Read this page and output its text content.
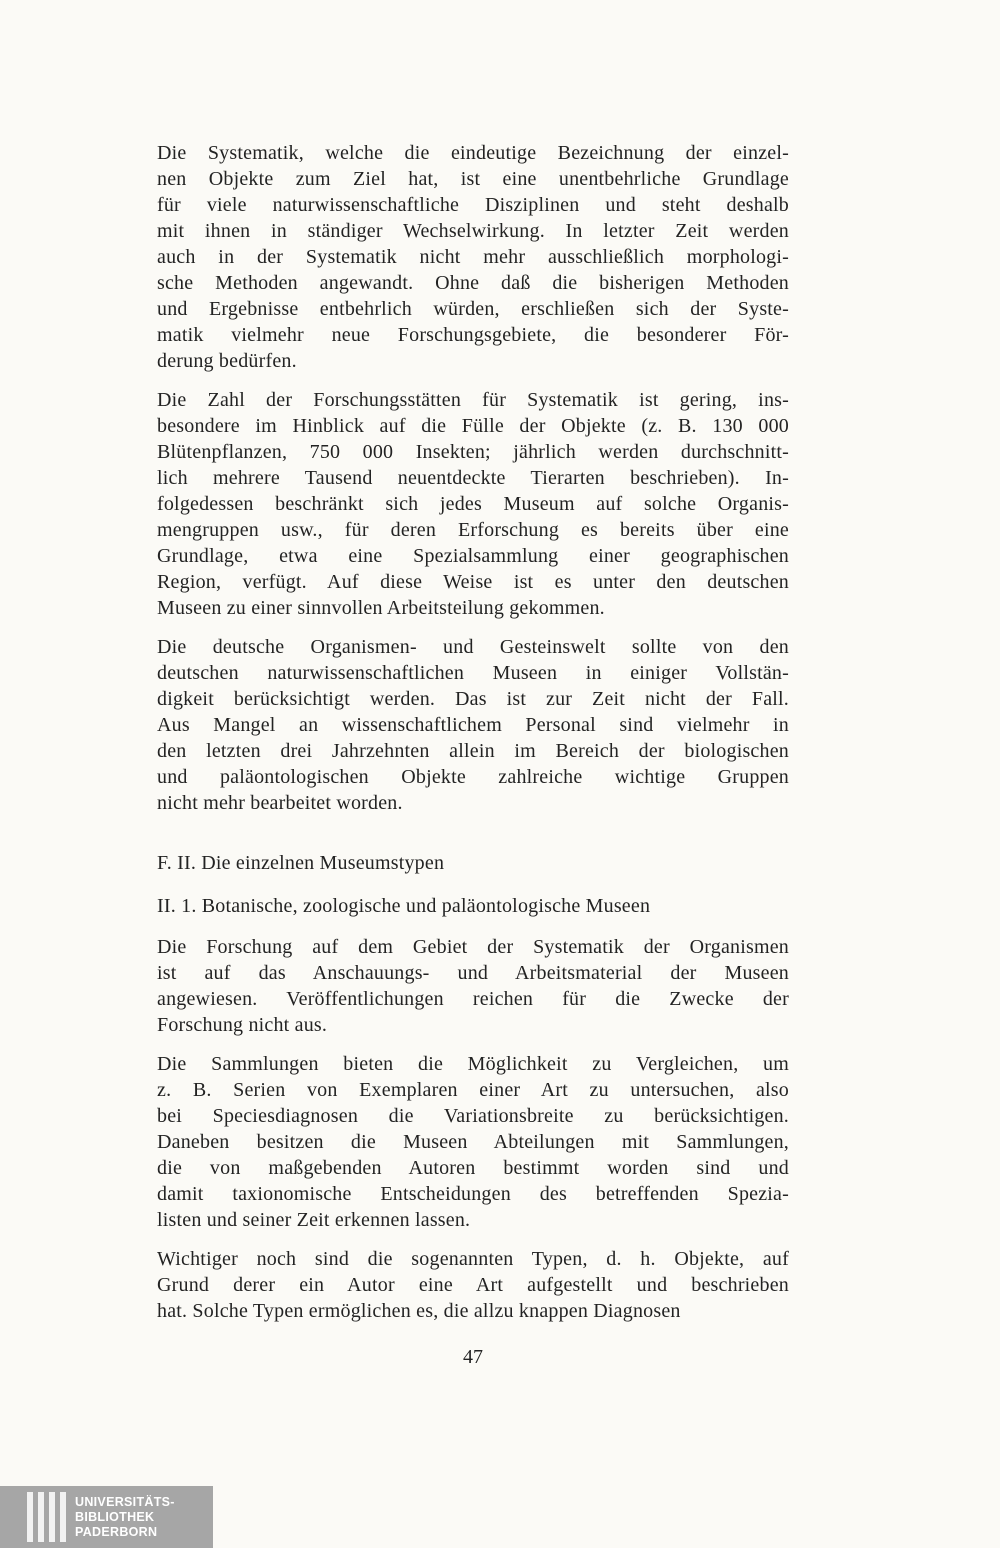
Die Systematik, welche die eindeutige Bezeichnung der einzel-
nen Objekte zum Ziel hat, ist eine unentbehrliche Grundlage
für viele naturwissenschaftliche Disziplinen und steht deshalb
mit ihnen in ständiger Wechselwirkung. In letzter Zeit werden
auch in der Systematik nicht mehr ausschließlich morphologi-
sche Methoden angewandt. Ohne daß die bisherigen Methoden
und Ergebnisse entbehrlich würden, erschließen sich der Syste-
matik vielmehr neue Forschungsgebiete, die besonderer För-
derung bedürfen.
Die Zahl der Forschungsstätten für Systematik ist gering, ins-
besondere im Hinblick auf die Fülle der Objekte (z. B. 130 000
Blütenpflanzen, 750 000 Insekten; jährlich werden durchschnitt-
lich mehrere Tausend neuentdeckte Tierarten beschrieben). In-
folgedessen beschränkt sich jedes Museum auf solche Organis-
mengruppen usw., für deren Erforschung es bereits über eine
Grundlage, etwa eine Spezialsammlung einer geographischen
Region, verfügt. Auf diese Weise ist es unter den deutschen
Museen zu einer sinnvollen Arbeitsteilung gekommen.
Die deutsche Organismen- und Gesteinswelt sollte von den
deutschen naturwissenschaftlichen Museen in einiger Vollstän-
digkeit berücksichtigt werden. Das ist zur Zeit nicht der Fall.
Aus Mangel an wissenschaftlichem Personal sind vielmehr in
den letzten drei Jahrzehnten allein im Bereich der biologischen
und paläontologischen Objekte zahlreiche wichtige Gruppen
nicht mehr bearbeitet worden.
F. II. Die einzelnen Museumstypen
II. 1. Botanische, zoologische und paläontologische Museen
Die Forschung auf dem Gebiet der Systematik der Organismen
ist auf das Anschauungs- und Arbeitsmaterial der Museen
angewiesen. Veröffentlichungen reichen für die Zwecke der
Forschung nicht aus.
Die Sammlungen bieten die Möglichkeit zu Vergleichen, um
z. B. Serien von Exemplaren einer Art zu untersuchen, also
bei Speciesdiagnosen die Variationsbreite zu berücksichtigen.
Daneben besitzen die Museen Abteilungen mit Sammlungen,
die von maßgebenden Autoren bestimmt worden sind und
damit taxionomische Entscheidungen des betreffenden Spezia-
listen und seiner Zeit erkennen lassen.
Wichtiger noch sind die sogenannten Typen, d. h. Objekte, auf
Grund derer ein Autor eine Art aufgestellt und beschrieben
hat. Solche Typen ermöglichen es, die allzu knappen Diagnosen
47
UNIVERSITÄTS-
BIBLIOTHEK
PADERBORN
